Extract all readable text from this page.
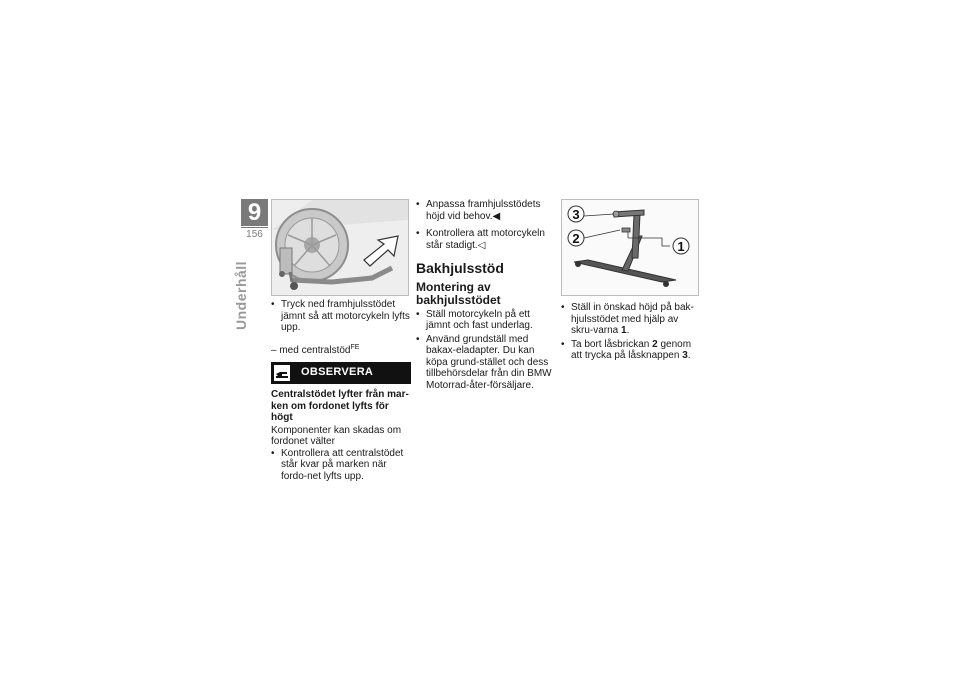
9
156
Underhåll
•	Tryck ned framhjulsstödet jämnt så att motorcykeln lyfts upp.
– med centralstöd$^{FE}$
OBSERVERA
Centralstödet lyfter från mar-ken om fordonet lyfts för högt
Komponenter kan skadas om fordonet välter
• Kontrollera att centralstödet står kvar på marken när fordo-net lyfts upp.
• Anpassa framhjulsstödets höjd vid behov.◀
• Kontrollera att motorcykeln står stadigt.◁
Bakhjulsstöd
Montering av bakhjulsstödet
• Ställ motorcykeln på ett jämnt och fast underlag.
• Använd grundställ med bakax-eladapter. Du kan köpa grund-stället och dess tillbehörsdelar från din BMW Motorrad-åter-försäljare.
3
2
1
• Ställ in önskad höjd på bak-hjulsstödet med hjälp av skru-varna 1.
• Ta bort låsbrickan 2 genom att trycka på låsknappen 3.
